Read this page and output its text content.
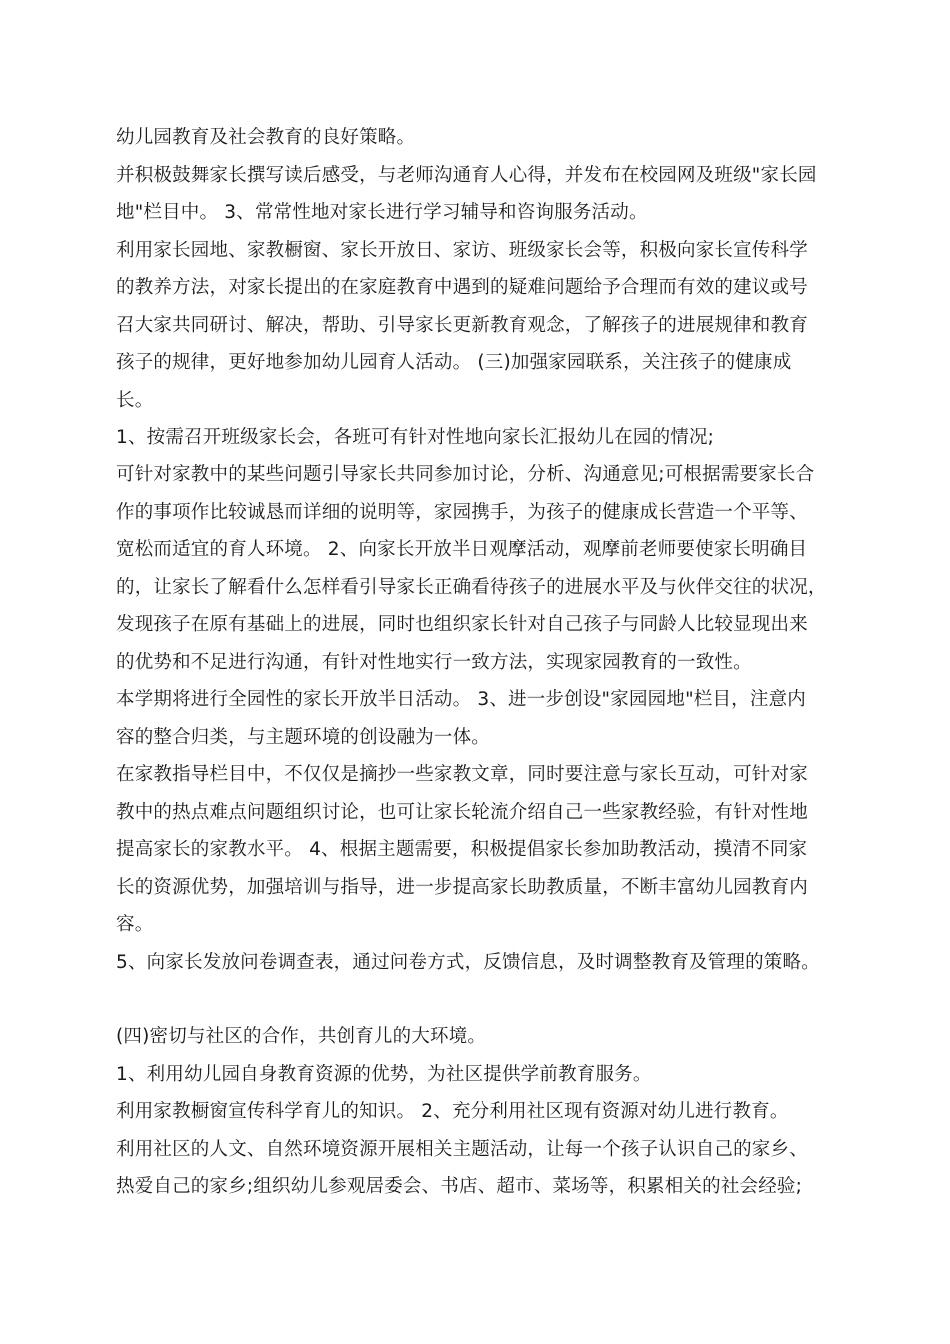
幼儿园教育及社会教育的良好策略。
并积极鼓舞家长撰写读后感受，与老师沟通育人心得，并发布在校园网及班级"家长园
地"栏目中。 3、常常性地对家长进行学习辅导和咨询服务活动。
利用家长园地、家教橱窗、家长开放日、家访、班级家长会等，积极向家长宣传科学
的教养方法，对家长提出的在家庭教育中遇到的疑难问题给予合理而有效的建议或号
召大家共同研讨、解决，帮助、引导家长更新教育观念，了解孩子的进展规律和教育
孩子的规律，更好地参加幼儿园育人活动。 (三)加强家园联系，关注孩子的健康成
长。
1、按需召开班级家长会，各班可有针对性地向家长汇报幼儿在园的情况;
可针对家教中的某些问题引导家长共同参加讨论，分析、沟通意见;可根据需要家长合
作的事项作比较诚恳而详细的说明等，家园携手，为孩子的健康成长营造一个平等、
宽松而适宜的育人环境。 2、向家长开放半日观摩活动，观摩前老师要使家长明确目
的，让家长了解看什么怎样看引导家长正确看待孩子的进展水平及与伙伴交往的状况，
发现孩子在原有基础上的进展，同时也组织家长针对自己孩子与同龄人比较显现出来
的优势和不足进行沟通，有针对性地实行一致方法，实现家园教育的一致性。
本学期将进行全园性的家长开放半日活动。 3、进一步创设"家园园地"栏目，注意内
容的整合归类，与主题环境的创设融为一体。
在家教指导栏目中，不仅仅是摘抄一些家教文章，同时要注意与家长互动，可针对家
教中的热点难点问题组织讨论，也可让家长轮流介绍自己一些家教经验，有针对性地
提高家长的家教水平。 4、根据主题需要，积极提倡家长参加助教活动，摸清不同家
长的资源优势，加强培训与指导，进一步提高家长助教质量，不断丰富幼儿园教育内
容。
5、向家长发放问卷调查表，通过问卷方式，反馈信息，及时调整教育及管理的策略。
(四)密切与社区的合作，共创育儿的大环境。
1、利用幼儿园自身教育资源的优势，为社区提供学前教育服务。
利用家教橱窗宣传科学育儿的知识。 2、充分利用社区现有资源对幼儿进行教育。
利用社区的人文、自然环境资源开展相关主题活动，让每一个孩子认识自己的家乡、
热爱自己的家乡;组织幼儿参观居委会、书店、超市、菜场等，积累相关的社会经验;
